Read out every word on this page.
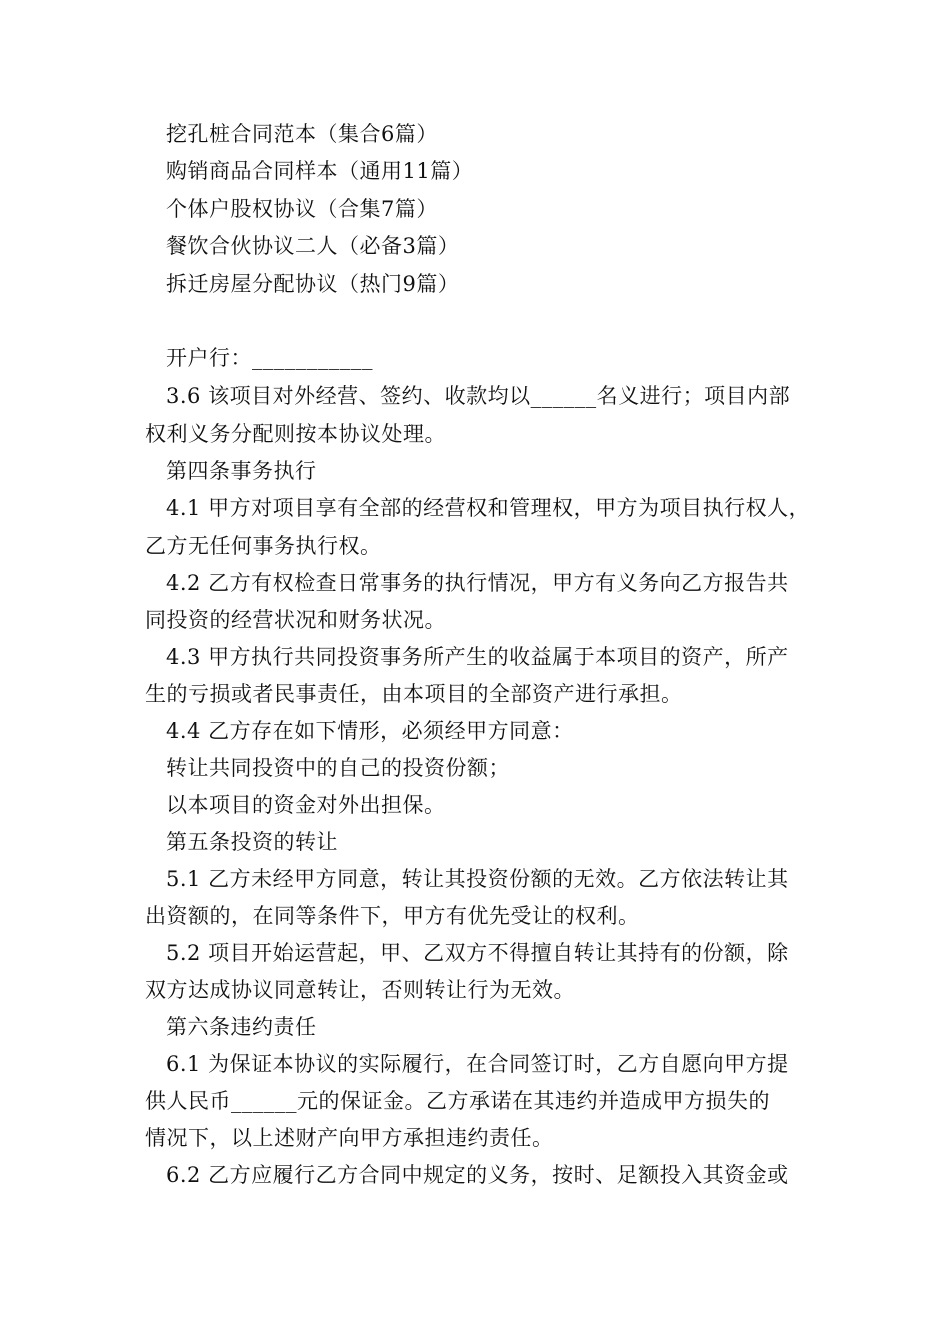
挖孔桩合同范本（集合6篇）
购销商品合同样本（通用11篇）
个体户股权协议（合集7篇）
餐饮合伙协议二人（必备3篇）
拆迁房屋分配协议（热门9篇）
开户行：___________
3.6 该项目对外经营、签约、收款均以______名义进行；项目内部
权利义务分配则按本协议处理。
第四条事务执行
4.1 甲方对项目享有全部的经营权和管理权，甲方为项目执行权人，
乙方无任何事务执行权。
4.2 乙方有权检查日常事务的执行情况，甲方有义务向乙方报告共
同投资的经营状况和财务状况。
4.3 甲方执行共同投资事务所产生的收益属于本项目的资产，所产
生的亏损或者民事责任，由本项目的全部资产进行承担。
4.4 乙方存在如下情形，必须经甲方同意：
转让共同投资中的自己的投资份额；
以本项目的资金对外出担保。
第五条投资的转让
5.1 乙方未经甲方同意，转让其投资份额的无效。乙方依法转让其
出资额的，在同等条件下，甲方有优先受让的权利。
5.2 项目开始运营起，甲、乙双方不得擅自转让其持有的份额，除
双方达成协议同意转让，否则转让行为无效。
第六条违约责任
6.1 为保证本协议的实际履行，在合同签订时，乙方自愿向甲方提
供人民币______元的保证金。乙方承诺在其违约并造成甲方损失的
情况下，以上述财产向甲方承担违约责任。
6.2 乙方应履行乙方合同中规定的义务，按时、足额投入其资金或
